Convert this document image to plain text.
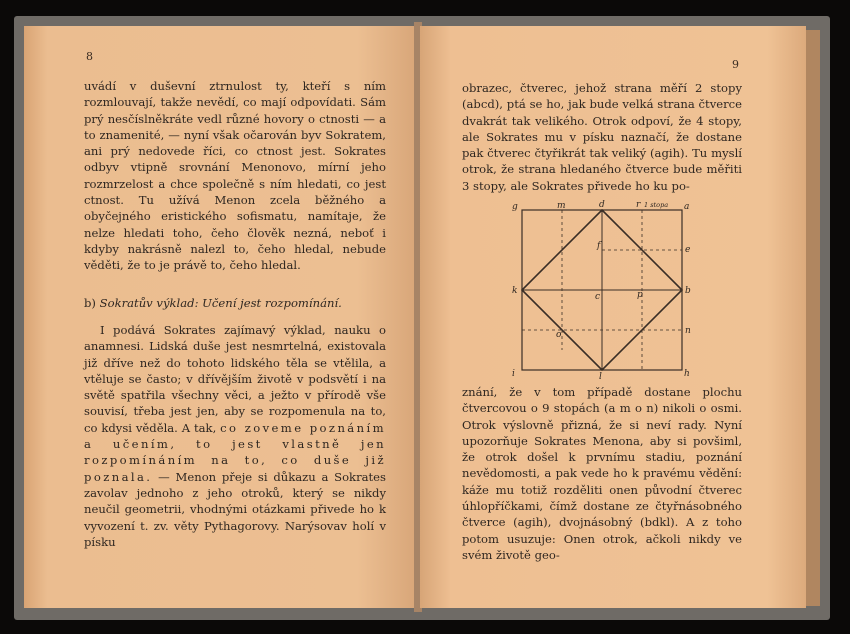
8

uvádí v duševní ztrnulost ty, kteří s ním rozmlouvají, takže nevědí, co mají odpovídati. Sám prý nesčíslněkráte vedl různé hovory o ctnosti — a to znamenité, — nyní však očarován byv Sokratem, ani prý nedovede říci, co ctnost jest. Sokrates odbyv vtipně srovnání Menonovo, mírní jeho rozmrzelost a chce společně s ním hledati, co jest ctnost. Tu užívá Menon zcela běžného a obyčejného eristického sofismatu, namítaje, že nelze hledati toho, čeho člověk nezná, neboť i kdyby nakrásně nalezl to, čeho hledal, nebude věděti, že to je právě to, čeho hledal.

b) Sokratův výklad: Učení jest rozpomínání.

I podává Sokrates zajímavý výklad, nauku o anamnesi. Lidská duše jest nesmrtelná, existovala již dříve než do tohoto lidského těla se vtělila, a vtěluje se často; v dřívějším životě v podsvětí i na světě spatřila všechny věci, a ježto v přírodě vše souvisí, třeba jest jen, aby se rozpomenula na to, co kdysi věděla. A tak, co zoveme poznáním a učením, to jest vlastně jen rozpomínáním na to, co duše již poznala. — Menon přeje si důkazu a Sokrates zavolav jednoho z jeho otroků, který se nikdy neučil geometrii, vhodnými otázkami přivede ho k vyvození t. zv. věty Pythagorovy. Narýsovav holí v písku

9

obrazec, čtverec, jehož strana měří 2 stopy (abcd), ptá se ho, jak bude velká strana čtverce dvakrát tak velikého. Otrok odpoví, že 4 stopy, ale Sokrates mu v písku naznačí, že dostane pak čtverec čtyřikrát tak veliký (agih). Tu myslí otrok, že strana hledaného čtverce bude měřiti 3 stopy, ale Sokrates přivede ho ku po-

g	m	d	r 1 stopa a
f	e
k
c	p	b
o	n
i	l	h

znání, že v tom případě dostane plochu čtvercovou o 9 stopách (a m o n) nikoli o osmi. Otrok výslovně přizná, že si neví rady. Nyní upozorňuje Sokrates Menona, aby si povšiml, že otrok došel k prvnímu stadiu, poznání nevědomosti, a pak vede ho k pravému vědění: káže mu totiž rozděliti onen původní čtverec úhlopříčkami, čímž dostane ze čtyřnásobného čtverce (agih), dvojnásobný (bdkl). A z toho potom usuzuje: Onen otrok, ačkoli nikdy ve svém životě geo-
